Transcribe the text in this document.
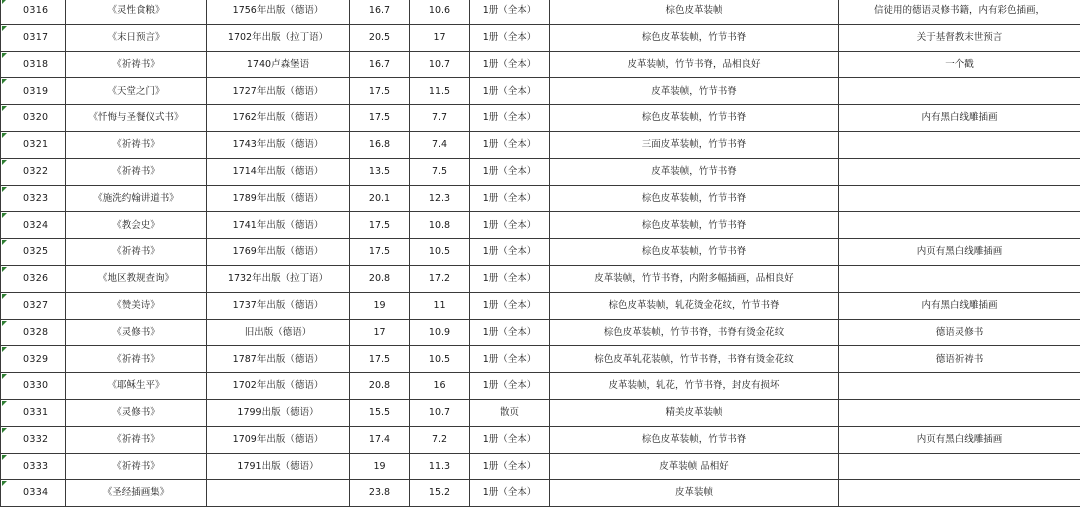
0316	《灵性食粮》	1756年出版（德语）	16.7	10.6	1册（全本）	棕色皮革装帧	信徒用的德语灵修书籍，内有彩色插画，
0317	《末日预言》	1702年出版（拉丁语）	20.5	17	1册（全本）	棕色皮革装帧，竹节书脊	关于基督教末世预言
0318	《祈祷书》	1740卢森堡语	16.7	10.7	1册（全本）	皮革装帧，竹节书脊，品相良好	一个戳
0319	《天堂之门》	1727年出版（德语）	17.5	11.5	1册（全本）	皮革装帧，竹节书脊	
0320	《忏悔与圣餐仪式书》	1762年出版（德语）	17.5	7.7	1册（全本）	棕色皮革装帧，竹节书脊	内有黑白线雕插画
0321	《祈祷书》	1743年出版（德语）	16.8	7.4	1册（全本）	三面皮革装帧，竹节书脊	
0322	《祈祷书》	1714年出版（德语）	13.5	7.5	1册（全本）	皮革装帧，竹节书脊	
0323	《施洗约翰讲道书》	1789年出版（德语）	20.1	12.3	1册（全本）	棕色皮革装帧，竹节书脊	
0324	《教会史》	1741年出版（德语）	17.5	10.8	1册（全本）	棕色皮革装帧，竹节书脊	
0325	《祈祷书》	1769年出版（德语）	17.5	10.5	1册（全本）	棕色皮革装帧，竹节书脊	内页有黑白线雕插画
0326	《地区教规查询》	1732年出版（拉丁语）	20.8	17.2	1册（全本）	皮革装帧，竹节书脊，内附多幅插画，品相良好	
0327	《赞美诗》	1737年出版（德语）	19	11	1册（全本）	棕色皮革装帧，轧花烫金花纹，竹节书脊	内有黑白线雕插画
0328	《灵修书》	旧出版（德语）	17	10.9	1册（全本）	棕色皮革装帧，竹节书脊，书脊有烫金花纹	德语灵修书
0329	《祈祷书》	1787年出版（德语）	17.5	10.5	1册（全本）	棕色皮革轧花装帧，竹节书脊，书脊有烫金花纹	德语祈祷书
0330	《耶稣生平》	1702年出版（德语）	20.8	16	1册（全本）	皮革装帧，轧花，竹节书脊，封皮有损坏	
0331	《灵修书》	1799出版（德语）	15.5	10.7	散页	精美皮革装帧	
0332	《祈祷书》	1709年出版（德语）	17.4	7.2	1册（全本）	棕色皮革装帧，竹节书脊	内页有黑白线雕插画
0333	《祈祷书》	1791出版（德语）	19	11.3	1册（全本）	皮革装帧 品相好	
0334	《圣经插画集》		23.8	15.2	1册（全本）	皮革装帧	
